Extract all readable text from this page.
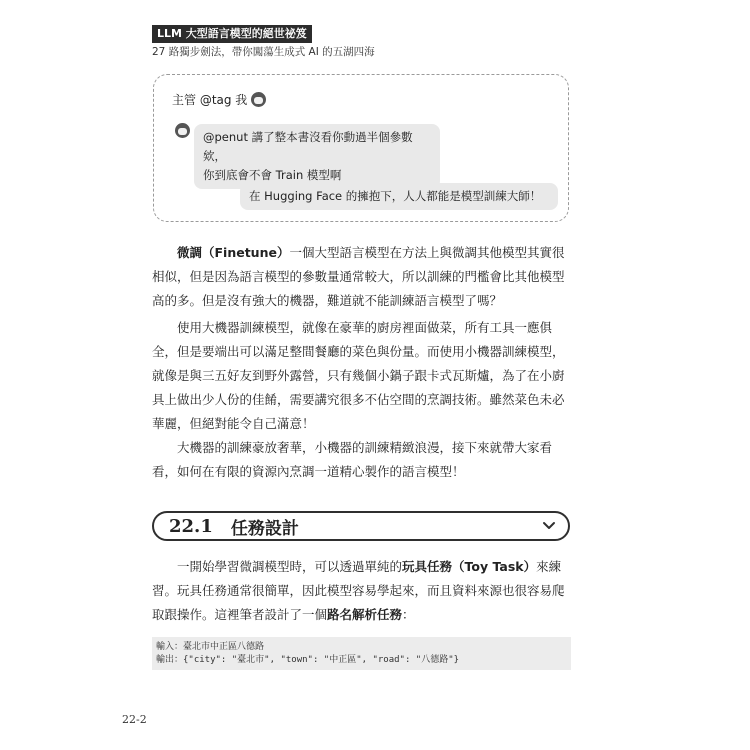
LLM 大型語言模型的絕世祕笈
27 路獨步劍法，帶你闖蕩生成式 AI 的五湖四海
主管 @tag 我
@penut 講了整本書沒看你動過半個參數欸，
你到底會不會 Train 模型啊
在 Hugging Face 的擁抱下，人人都能是模型訓練大師！

微調（Finetune）一個大型語言模型在方法上與微調其他模型其實很相似，但是因為語言模型的參數量通常較大，所以訓練的門檻會比其他模型高的多。但是沒有強大的機器，難道就不能訓練語言模型了嗎？

使用大機器訓練模型，就像在豪華的廚房裡面做菜，所有工具一應俱全，但是要端出可以滿足整間餐廳的菜色與份量。而使用小機器訓練模型，就像是與三五好友到野外露營，只有幾個小鍋子跟卡式瓦斯爐，為了在小廚具上做出少人份的佳餚，需要講究很多不佔空間的烹調技術。雖然菜色未必華麗，但絕對能令自己滿意！

大機器的訓練豪放奢華，小機器的訓練精緻浪漫，接下來就帶大家看看，如何在有限的資源內烹調一道精心製作的語言模型！

22.1 任務設計

一開始學習微調模型時，可以透過單純的玩具任務（Toy Task）來練習。玩具任務通常很簡單，因此模型容易學起來，而且資料來源也很容易爬取跟操作。這裡筆者設計了一個路名解析任務：

輸入：臺北市中正區八德路
輸出：{"city": "臺北市", "town": "中正區", "road": "八德路"}
22-2
